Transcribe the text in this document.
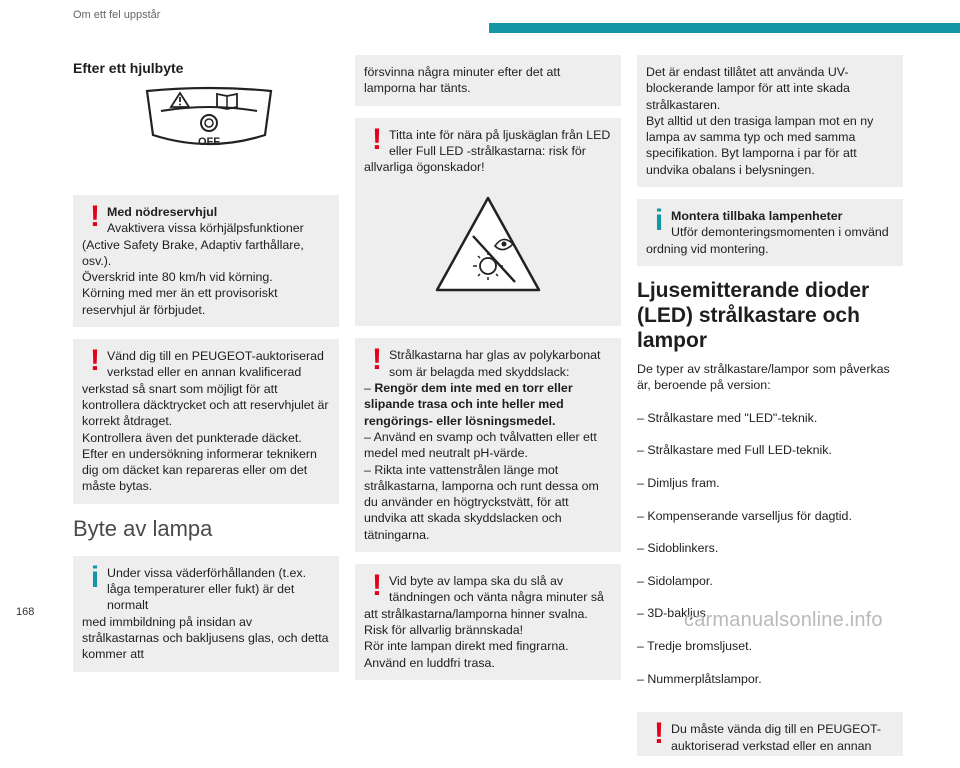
Om ett fel uppstår
Efter ett hjulbyte
OFF
! Med nödreservhjul
Avaktivera vissa körhjälpsfunktioner

(Active Safety Brake, Adaptiv farthållare,
osv.).
Överskrid inte 80 km/h vid körning.
Körning med mer än ett provisoriskt reservhjul är förbjudet.

! Vänd dig till en PEUGEOT-auktoriserad verkstad eller en annan kvalificerad

verkstad så snart som möjligt för att kontrollera däcktrycket och att reservhjulet är korrekt åtdraget.
Kontrollera även det punkterade däcket. Efter en undersökning informerar teknikern dig om däcket kan repareras eller om det måste bytas.

Byte av lampa
i Under vissa väderförhållanden (t.ex. låga temperaturer eller fukt) är det normalt

med immbildning på insidan av strålkastarnas och bakljusens glas, och detta kommer att

försvinna några minuter efter det att lamporna har tänts.

! Titta inte för nära på ljuskäglan från LED eller Full LED -strålkastarna: risk för

allvarliga ögonskador!

! Strålkastarna har glas av polykarbonat som är belagda med skyddslack:

– Rengör dem inte med en torr eller slipande trasa och inte heller med rengörings- eller lösningsmedel.

– Använd en svamp och tvålvatten eller ett medel med neutralt pH-värde.

– Rikta inte vattenstrålen länge mot strålkastarna, lamporna och runt dessa om du använder en högtryckstvätt, för att undvika att skada skyddslacken och tätningarna.

! Vid byte av lampa ska du slå av tändningen och vänta några minuter så

att strålkastarna/lamporna hinner svalna. Risk för allvarlig brännskada!
Rör inte lampan direkt med fingrarna. Använd en luddfri trasa.

Det är endast tillåtet att använda UV-blockerande lampor för att inte skada strålkastaren.
Byt alltid ut den trasiga lampan mot en ny lampa av samma typ och med samma specifikation. Byt lamporna i par för att undvika obalans i belysningen.

i Montera tillbaka lampenheter
Utför demonteringsmomenten i omvänd

ordning vid montering.

Ljusemitterande dioder (LED) strålkastare och lampor

De typer av strålkastare/lampor som påverkas är, beroende på version:

– Strålkastare med "LED"-teknik.

– Strålkastare med Full LED-teknik.

– Dimljus fram.

– Kompenserande varselljus för dagtid.

– Sidoblinkers.

– Sidolampor.

– 3D-bakljus.

– Tredje bromsljuset.

– Nummerplåtslampor.

! Du måste vända dig till en PEUGEOT-auktoriserad verkstad eller en annan
168	carmanualsonline.info
